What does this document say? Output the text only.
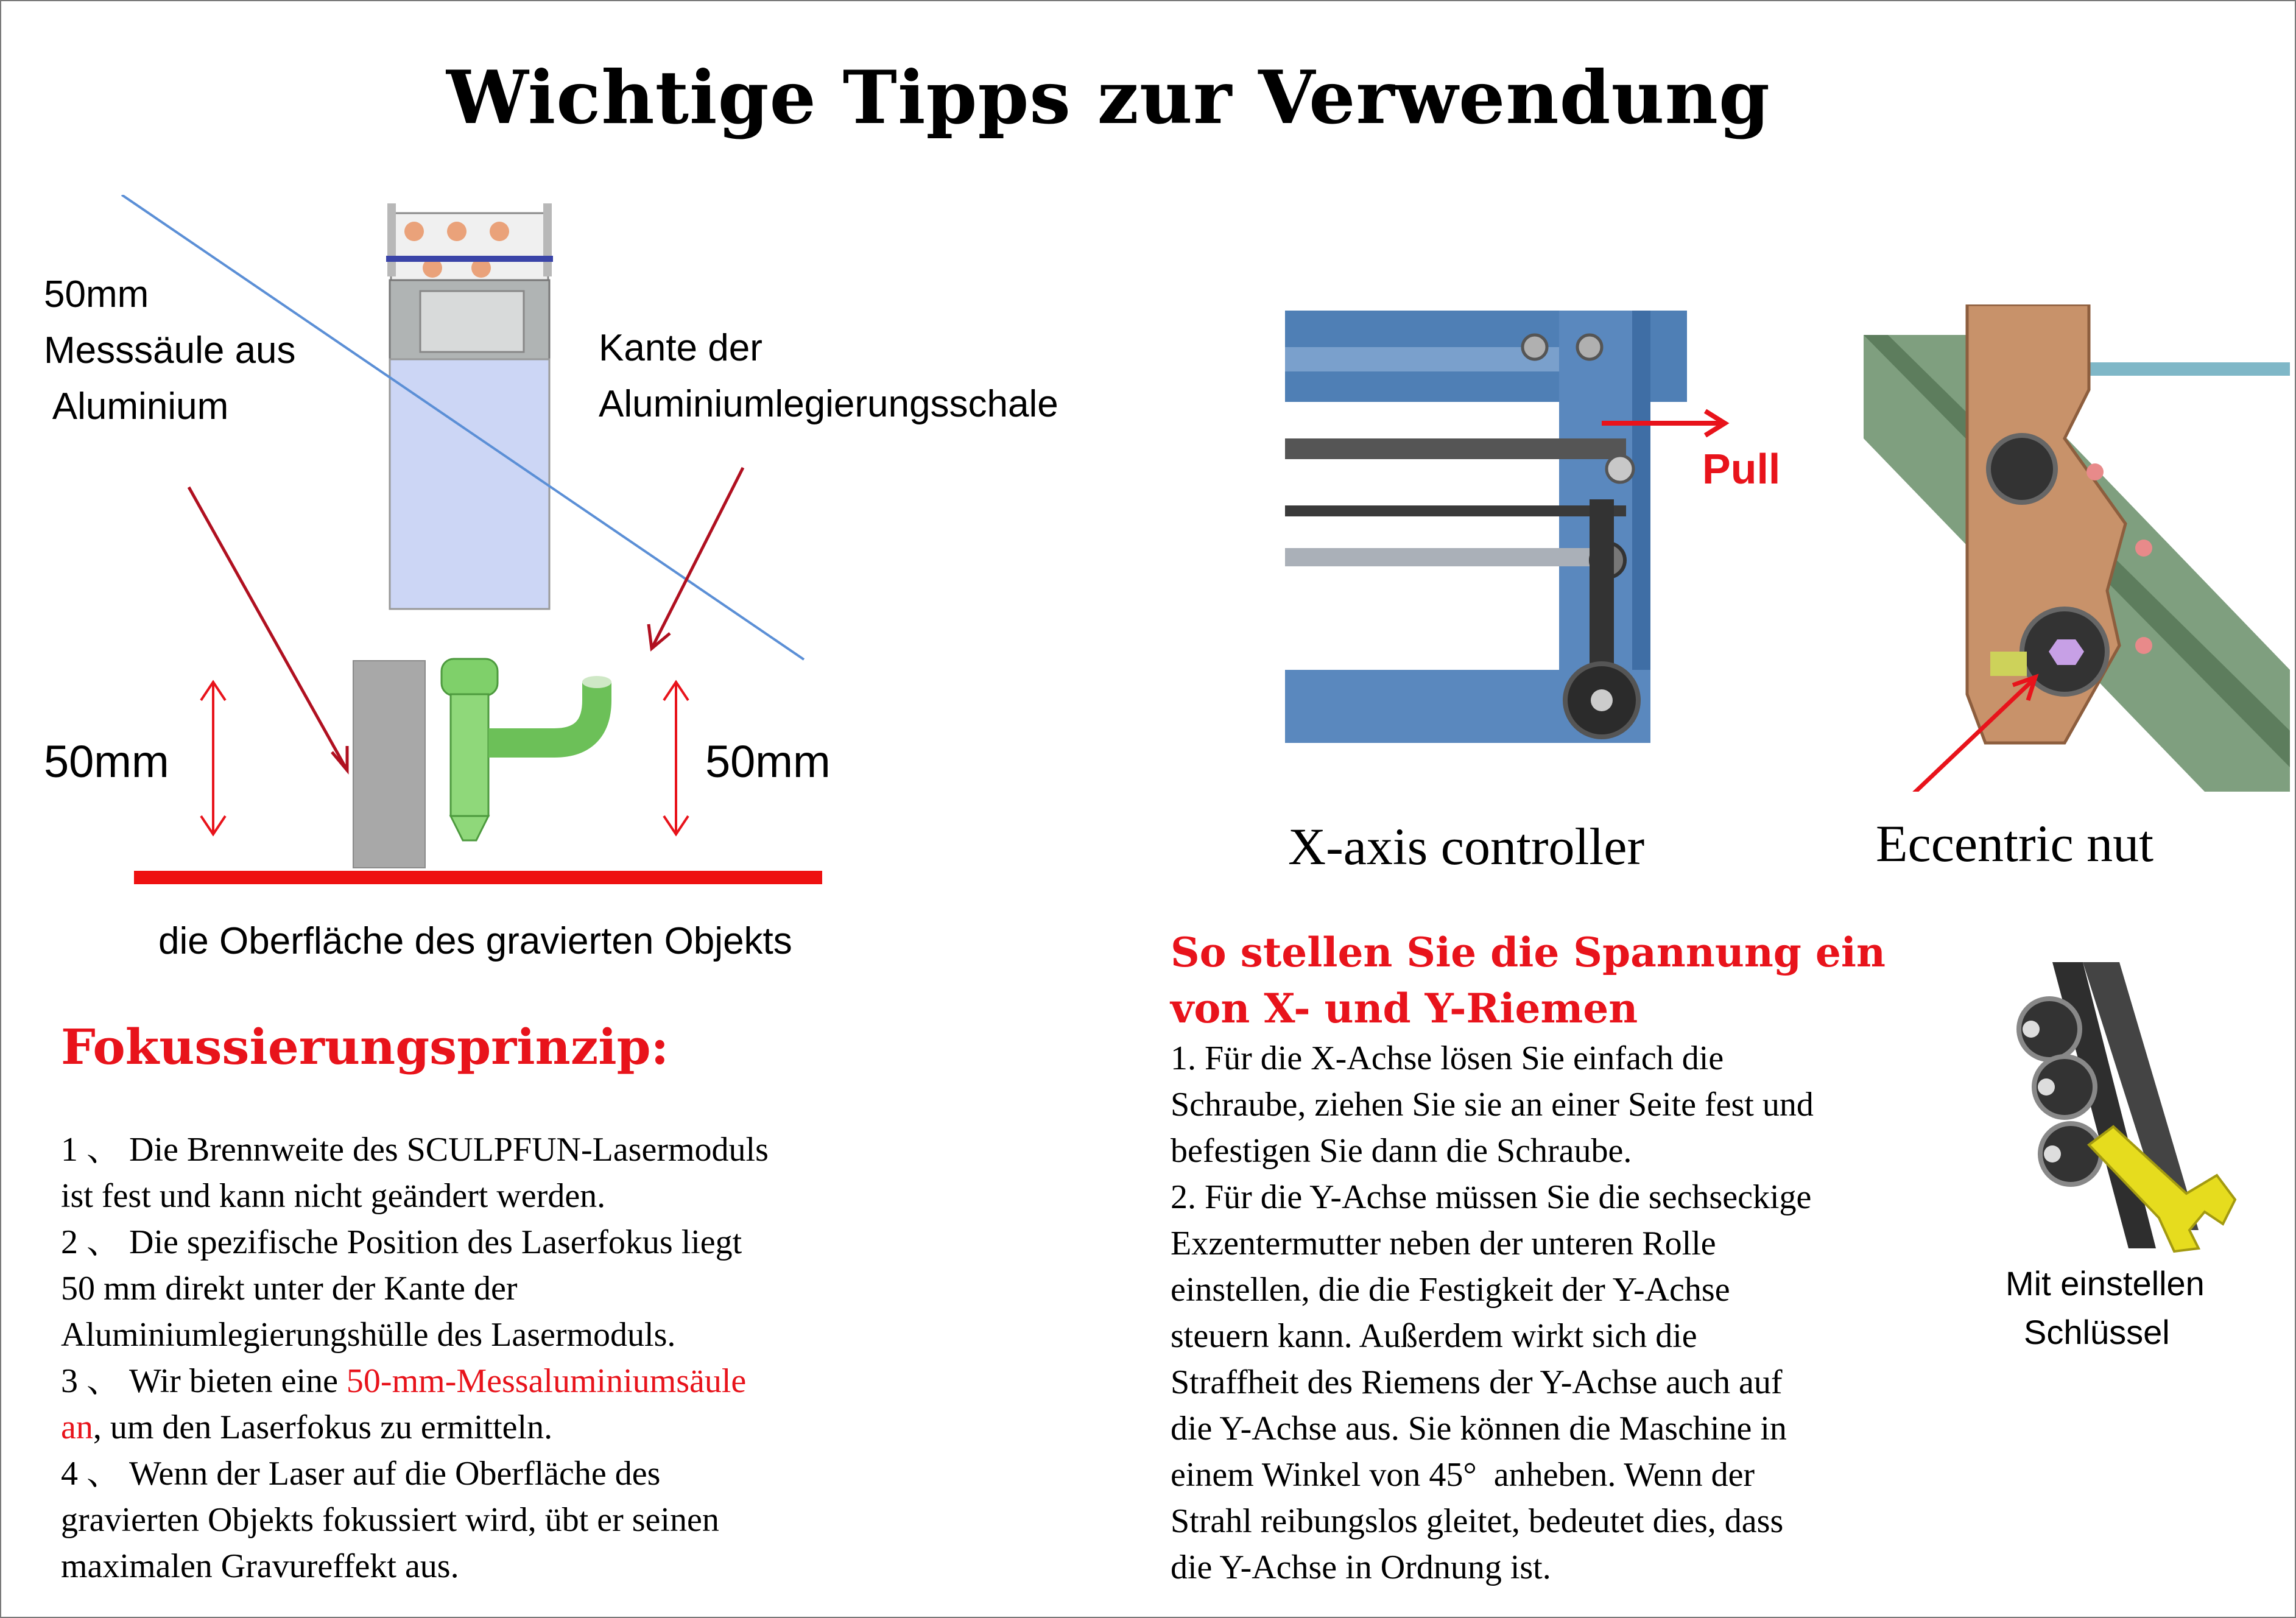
Wichtige Tipps zur Verwendung
50mm
Messsäule aus
Aluminium
Kante der
Aluminiumlegierungsschale
50mm	50mm
die Oberfläche des gravierten Objekts
Fokussierungsprinzip:
1 、 Die Brennweite des SCULPFUN-Lasermoduls
ist fest und kann nicht geändert werden.
2 、 Die spezifische Position des Laserfokus liegt
50 mm direkt unter der Kante der
Aluminiumlegierungshülle des Lasermoduls.
3 、 Wir bieten eine 50-mm-Messaluminiumsäule
an, um den Laserfokus zu ermitteln.
4 、 Wenn der Laser auf die Oberfläche des
gravierten Objekts fokussiert wird, übt er seinen
maximalen Gravureffekt aus.
Pull
X-axis controller	Eccentric nut
So stellen Sie die Spannung ein
von X- und Y-Riemen
1. Für die X-Achse lösen Sie einfach die
Schraube, ziehen Sie sie an einer Seite fest und
befestigen Sie dann die Schraube.
2. Für die Y-Achse müssen Sie die sechseckige
Exzentermutter neben der unteren Rolle
einstellen, die die Festigkeit der Y-Achse
steuern kann. Außerdem wirkt sich die
Straffheit des Riemens der Y-Achse auch auf
die Y-Achse aus. Sie können die Maschine in
einem Winkel von 45°  anheben. Wenn der
Strahl reibungslos gleitet, bedeutet dies, dass
die Y-Achse in Ordnung ist.
Mit einstellen
Schlüssel
